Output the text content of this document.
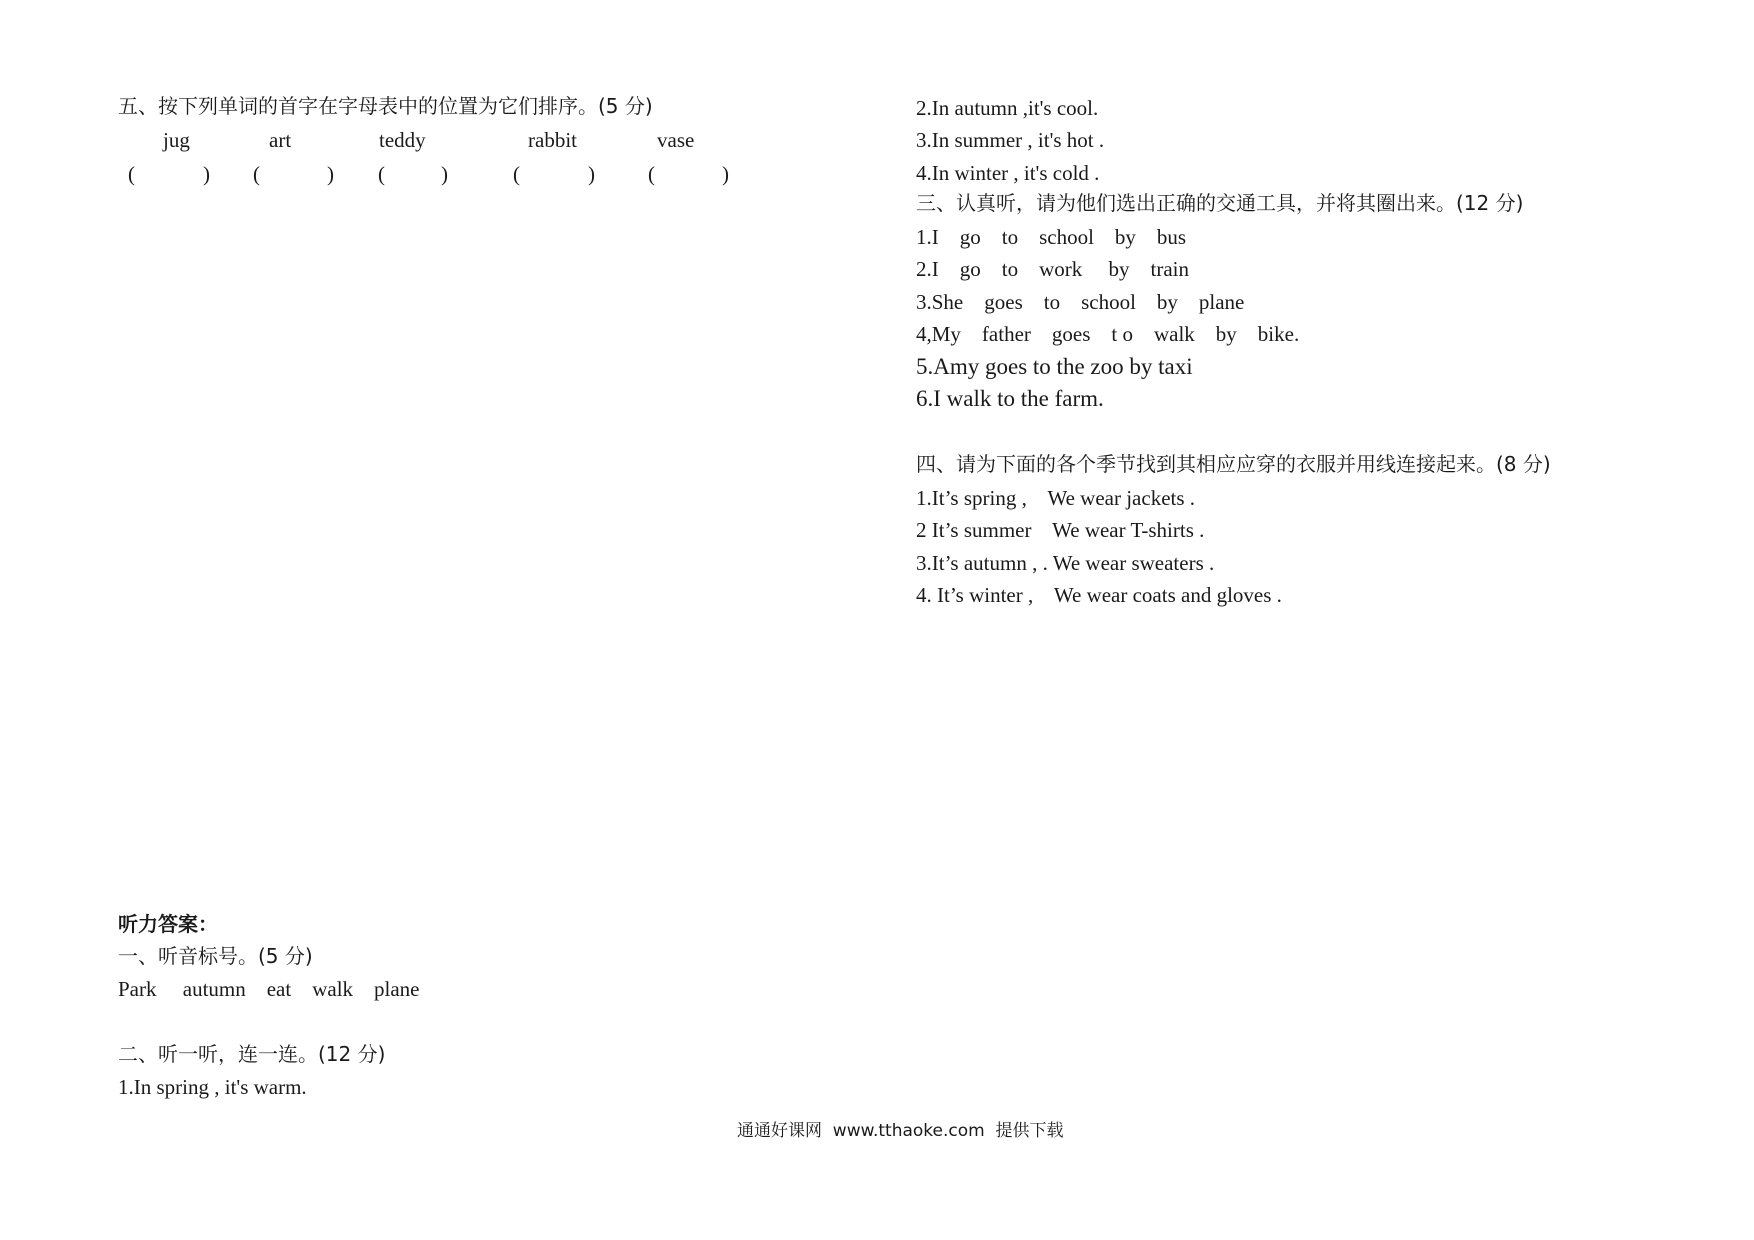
五、按下列单词的首字在字母表中的位置为它们排序。(5 分)
jug	art	teddy	rabbit	vase
(	) (	) (	)	(	)	(	)
听力答案：
一、听音标号。(5 分)
Park     autumn    eat    walk    plane
二、听一听，连一连。(12 分)
1.In spring , it's warm.
2.In autumn ,it's cool.
3.In summer , it's hot .
4.In winter , it's cold .
三、认真听，请为他们选出正确的交通工具，并将其圈出来。(12 分)
1.I    go    to    school    by    bus
2.I    go    to    work     by    train
3.She    goes    to    school    by    plane
4,My    father    goes    t o    walk    by    bike.
5.Amy goes to the zoo by taxi
6.I walk to the farm.
四、请为下面的各个季节找到其相应应穿的衣服并用线连接起来。(8 分)
1.It’s spring ,    We wear jackets .
2 It’s summer    We wear T-shirts .
3.It’s autumn , . We wear sweaters .
4. It’s winter ,    We wear coats and gloves .
通通好课网  www.tthaoke.com  提供下载
